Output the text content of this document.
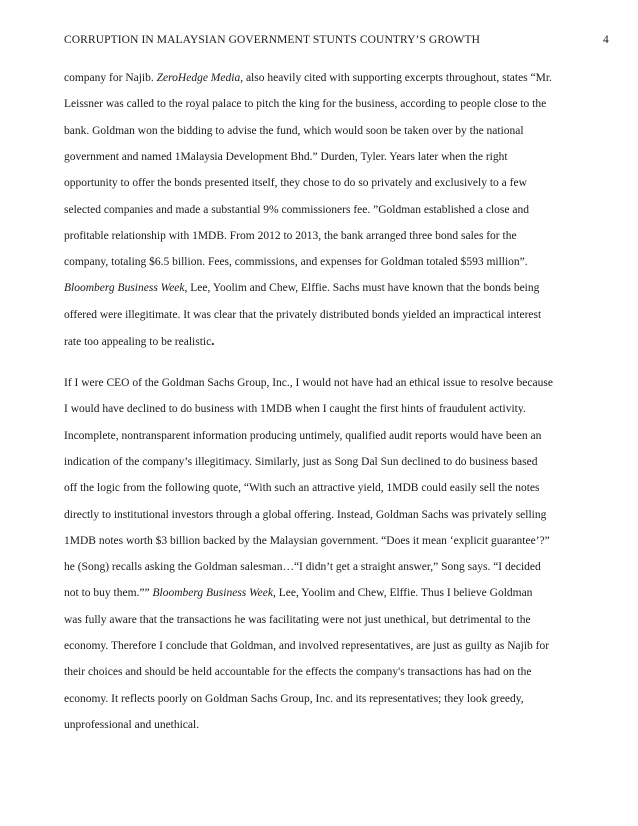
CORRUPTION IN MALAYSIAN GOVERNMENT STUNTS COUNTRY’S GROWTH	4
company for Najib. ZeroHedge Media, also heavily cited with supporting excerpts throughout, states “Mr.
Leissner was called to the royal palace to pitch the king for the business, according to people close to the
bank. Goldman won the bidding to advise the fund, which would soon be taken over by the national
government and named 1Malaysia Development Bhd.” Durden, Tyler. Years later when the right
opportunity to offer the bonds presented itself, they chose to do so privately and exclusively to a few
selected companies and made a substantial 9% commissioners fee. ”Goldman established a close and
profitable relationship with 1MDB. From 2012 to 2013, the bank arranged three bond sales for the
company, totaling $6.5 billion. Fees, commissions, and expenses for Goldman totaled $593 million”.
Bloomberg Business Week, Lee, Yoolim and Chew, Elffie. Sachs must have known that the bonds being
offered were illegitimate. It was clear that the privately distributed bonds yielded an impractical interest
rate too appealing to be realistic.
If I were CEO of the Goldman Sachs Group, Inc., I would not have had an ethical issue to resolve because
I would have declined to do business with 1MDB when I caught the first hints of fraudulent activity.
Incomplete, nontransparent information producing untimely, qualified audit reports would have been an
indication of the company’s illegitimacy. Similarly, just as Song Dal Sun declined to do business based
off the logic from the following quote, “With such an attractive yield, 1MDB could easily sell the notes
directly to institutional investors through a global offering. Instead, Goldman Sachs was privately selling
1MDB notes worth $3 billion backed by the Malaysian government. “Does it mean ‘explicit guarantee’?”
he (Song) recalls asking the Goldman salesman…“I didn’t get a straight answer,” Song says. “I decided
not to buy them.”” Bloomberg Business Week, Lee, Yoolim and Chew, Elffie. Thus I believe Goldman
was fully aware that the transactions he was facilitating were not just unethical, but detrimental to the
economy. Therefore I conclude that Goldman, and involved representatives, are just as guilty as Najib for
their choices and should be held accountable for the effects the company's transactions has had on the
economy. It reflects poorly on Goldman Sachs Group, Inc. and its representatives; they look greedy,
unprofessional and unethical.
